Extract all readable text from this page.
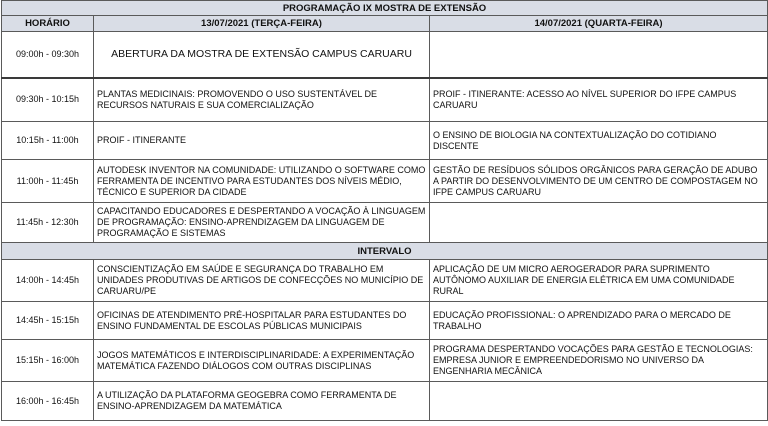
PROGRAMAÇÃO IX MOSTRA DE EXTENSÃO		
HORÁRIO	13/07/2021 (TERÇA-FEIRA)	14/07/2021 (QUARTA-FEIRA)
09:00h - 09:30h	ABERTURA DA MOSTRA DE EXTENSÃO CAMPUS CARUARU	
09:30h - 10:15h	PLANTAS MEDICINAIS: PROMOVENDO O USO SUSTENTÁVEL DE RECURSOS NATURAIS E SUA COMERCIALIZAÇÃO	PROIF - ITINERANTE: ACESSO AO NÍVEL SUPERIOR DO IFPE CAMPUS CARUARU
10:15h - 11:00h	PROIF - ITINERANTE	O ENSINO DE BIOLOGIA NA CONTEXTUALIZAÇÃO DO COTIDIANO DISCENTE
11:00h - 11:45h	AUTODESK INVENTOR NA COMUNIDADE: UTILIZANDO O SOFTWARE COMO FERRAMENTA DE INCENTIVO PARA ESTUDANTES DOS NÍVEIS MÉDIO, TÉCNICO E SUPERIOR DA CIDADE	GESTÃO DE RESÍDUOS SÓLIDOS ORGÂNICOS PARA GERAÇÃO DE ADUBO A PARTIR DO DESENVOLVIMENTO DE UM CENTRO DE COMPOSTAGEM NO IFPE CAMPUS CARUARU
11:45h - 12:30h	CAPACITANDO EDUCADORES E DESPERTANDO A VOCAÇÃO À LINGUAGEM DE PROGRAMAÇÃO: ENSINO-APRENDIZAGEM DA LINGUAGEM DE PROGRAMAÇÃO E SISTEMAS	
INTERVALO		
14:00h - 14:45h	CONSCIENTIZAÇÃO EM SAÚDE E SEGURANÇA DO TRABALHO EM UNIDADES PRODUTIVAS DE ARTIGOS DE CONFECÇÕES NO MUNICÍPIO DE CARUARU/PE	APLICAÇÃO DE UM MICRO AEROGERADOR PARA SUPRIMENTO AUTÔNOMO AUXILIAR DE ENERGIA ELÉTRICA EM UMA COMUNIDADE RURAL
14:45h - 15:15h	OFICINAS DE ATENDIMENTO PRÉ-HOSPITALAR PARA ESTUDANTES DO ENSINO FUNDAMENTAL DE ESCOLAS PÚBLICAS MUNICIPAIS	EDUCAÇÃO PROFISSIONAL: O APRENDIZADO PARA O MERCADO DE TRABALHO
15:15h - 16:00h	JOGOS MATEMÁTICOS E INTERDISCIPLINARIDADE: A EXPERIMENTAÇÃO MATEMÁTICA FAZENDO DIÁLOGOS COM OUTRAS DISCIPLINAS	PROGRAMA DESPERTANDO VOCAÇÕES PARA GESTÃO E TECNOLOGIAS: EMPRESA JUNIOR E EMPREENDEDORISMO NO UNIVERSO DA ENGENHARIA MECÂNICA
16:00h - 16:45h	A UTILIZAÇÃO DA PLATAFORMA GEOGEBRA COMO FERRAMENTA DE ENSINO-APRENDIZAGEM DA MATEMÁTICA	
